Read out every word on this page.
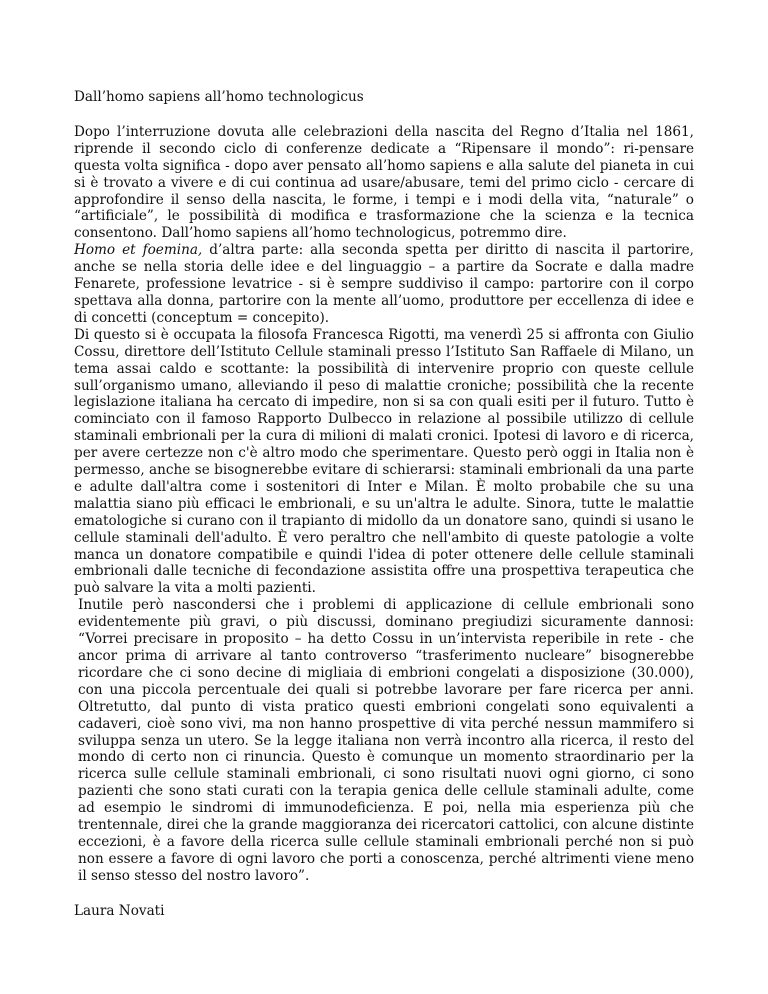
Dall’homo sapiens all’homo technologicus

Dopo l’interruzione dovuta alle celebrazioni della nascita del Regno d’Italia nel 1861, riprende il secondo ciclo di conferenze dedicate a “Ripensare il mondo”: ri-pensare questa volta significa - dopo aver pensato all’homo sapiens e alla salute del pianeta in cui si è trovato a vivere e di cui continua ad usare/abusare, temi del primo ciclo - cercare di approfondire il senso della nascita, le forme, i tempi e i modi della vita, “naturale” o “artificiale”, le possibilità di modifica e trasformazione che la scienza e la tecnica consentono. Dall’homo sapiens all’homo technologicus, potremmo dire.

Homo et foemina, d’altra parte: alla seconda spetta per diritto di nascita il partorire, anche se nella storia delle idee e del linguaggio – a partire da Socrate e dalla madre Fenarete, professione levatrice - si è sempre suddiviso il campo: partorire con il corpo spettava alla donna, partorire con la mente all’uomo, produttore per eccellenza di idee e di concetti (conceptum = concepito).

Di questo si è occupata la filosofa Francesca Rigotti, ma venerdì 25 si affronta con Giulio Cossu, direttore dell’Istituto Cellule staminali presso l’Istituto San Raffaele di Milano, un tema assai caldo e scottante: la possibilità di intervenire proprio con queste cellule sull’organismo umano, alleviando il peso di malattie croniche; possibilità che la recente legislazione italiana ha cercato di impedire, non si sa con quali esiti per il futuro. Tutto è cominciato con il famoso Rapporto Dulbecco in relazione al possibile utilizzo di cellule staminali embrionali per la cura di milioni di malati cronici. Ipotesi di lavoro e di ricerca, per avere certezze non c'è altro modo che sperimentare. Questo però oggi in Italia non è permesso, anche se bisognerebbe evitare di schierarsi: staminali embrionali da una parte e adulte dall'altra come i sostenitori di Inter e Milan. È molto probabile che su una malattia siano più efficaci le embrionali, e su un'altra le adulte. Sinora, tutte le malattie ematologiche si curano con il trapianto di midollo da un donatore sano, quindi si usano le cellule staminali dell'adulto. È vero peraltro che nell'ambito di queste patologie a volte manca un donatore compatibile e quindi l'idea di poter ottenere delle cellule staminali embrionali dalle tecniche di fecondazione assistita offre una prospettiva terapeutica che può salvare la vita a molti pazienti.

Inutile però nascondersi che i problemi di applicazione di cellule embrionali sono evidentemente più gravi, o più discussi, dominano pregiudizi sicuramente dannosi: “Vorrei precisare in proposito – ha detto Cossu in un’intervista reperibile in rete - che ancor prima di arrivare al tanto controverso “trasferimento nucleare” bisognerebbe ricordare che ci sono decine di migliaia di embrioni congelati a disposizione (30.000), con una piccola percentuale dei quali si potrebbe lavorare per fare ricerca per anni. Oltretutto, dal punto di vista pratico questi embrioni congelati sono equivalenti a cadaveri, cioè sono vivi, ma non hanno prospettive di vita perché nessun mammifero si sviluppa senza un utero. Se la legge italiana non verrà incontro alla ricerca, il resto del mondo di certo non ci rinuncia. Questo è comunque un momento straordinario per la ricerca sulle cellule staminali embrionali, ci sono risultati nuovi ogni giorno, ci sono pazienti che sono stati curati con la terapia genica delle cellule staminali adulte, come ad esempio le sindromi di immunodeficienza. E poi, nella mia esperienza più che trentennale, direi che la grande maggioranza dei ricercatori cattolici, con alcune distinte eccezioni, è a favore della ricerca sulle cellule staminali embrionali perché non si può non essere a favore di ogni lavoro che porti a conoscenza, perché altrimenti viene meno il senso stesso del nostro lavoro”.

Laura Novati
